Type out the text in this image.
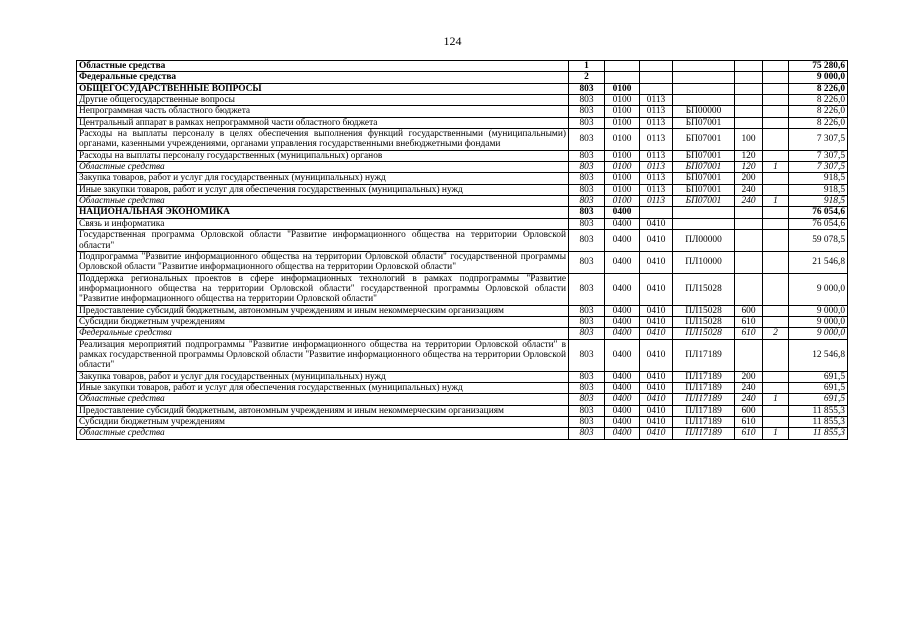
124
Областные средства	1						75 280,6
Федеральные средства	2						9 000,0
ОБЩЕГОСУДАРСТВЕННЫЕ ВОПРОСЫ	803	0100					8 226,0
Другие общегосударственные вопросы	803	0100	0113				8 226,0
Непрограммная часть областного бюджета	803	0100	0113	БП00000			8 226,0
Центральный аппарат в рамках непрограммной части областного бюджета	803	0100	0113	БП07001			8 226,0
Расходы на выплаты персоналу в целях обеспечения выполнения функций государственными (муниципальными) органами, казенными учреждениями, органами управления государственными внебюджетными фондами	803	0100	0113	БП07001	100		7 307,5
Расходы на выплаты персоналу государственных (муниципальных) органов	803	0100	0113	БП07001	120		7 307,5
Областные средства	803	0100	0113	БП07001	120	1	7 307,5
Закупка товаров, работ и услуг для государственных (муниципальных) нужд	803	0100	0113	БП07001	200		918,5
Иные закупки товаров, работ и услуг для обеспечения государственных (муниципальных) нужд	803	0100	0113	БП07001	240		918,5
Областные средства	803	0100	0113	БП07001	240	1	918,5
НАЦИОНАЛЬНАЯ ЭКОНОМИКА	803	0400					76 054,6
Связь и информатика	803	0400	0410				76 054,6
Государственная программа Орловской области "Развитие информационного общества на территории Орловской области"	803	0400	0410	ПЛ00000			59 078,5
Подпрограмма "Развитие информационного общества на территории Орловской области" государственной программы Орловской области "Развитие информационного общества на территории Орловской области"	803	0400	0410	ПЛ10000			21 546,8
Поддержка региональных проектов в сфере информационных технологий в рамках подпрограммы "Развитие информационного общества на территории Орловской области" государственной программы Орловской области "Развитие информационного общества на территории Орловской области"	803	0400	0410	ПЛ15028			9 000,0
Предоставление субсидий бюджетным, автономным учреждениям и иным некоммерческим организациям	803	0400	0410	ПЛ15028	600		9 000,0
Субсидии бюджетным учреждениям	803	0400	0410	ПЛ15028	610		9 000,0
Федеральные средства	803	0400	0410	ПЛ15028	610	2	9 000,0
Реализация мероприятий подпрограммы "Развитие информационного общества на территории Орловской области" в рамках государственной программы Орловской области "Развитие информационного общества на территории Орловской области"	803	0400	0410	ПЛ17189			12 546,8
Закупка товаров, работ и услуг для государственных (муниципальных) нужд	803	0400	0410	ПЛ17189	200		691,5
Иные закупки товаров, работ и услуг для обеспечения государственных (муниципальных) нужд	803	0400	0410	ПЛ17189	240		691,5
Областные средства	803	0400	0410	ПЛ17189	240	1	691,5
Предоставление субсидий бюджетным, автономным учреждениям и иным некоммерческим организациям	803	0400	0410	ПЛ17189	600		11 855,3
Субсидии бюджетным учреждениям	803	0400	0410	ПЛ17189	610		11 855,3
Областные средства	803	0400	0410	ПЛ17189	610	1	11 855,3
